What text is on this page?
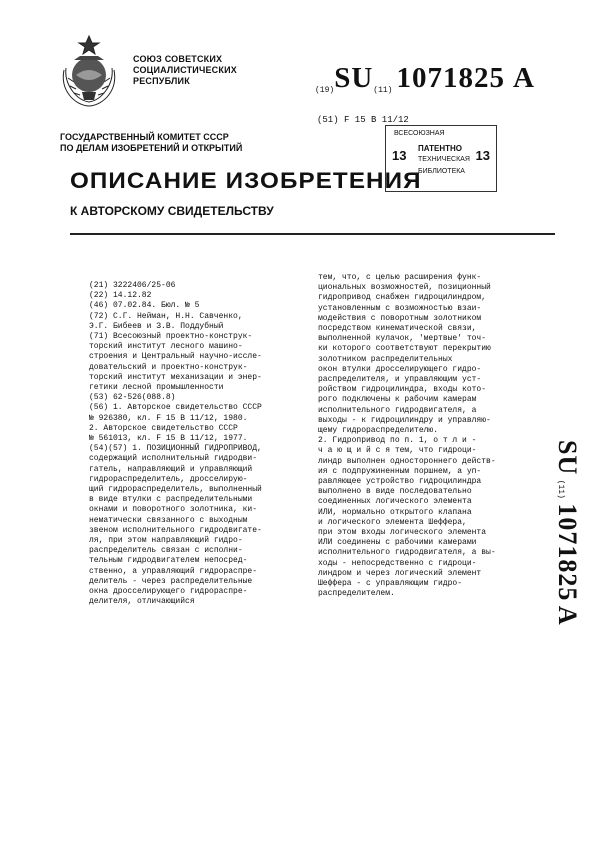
СОЮЗ СОВЕТСКИХ
СОЦИАЛИСТИЧЕСКИХ
РЕСПУБЛИК
(19)SU(11) 1071825 A
(51) F 15 В 11/12
ВСЕСОЮЗНАЯ
13 ПАТЕНТНО
ТЕХНИЧЕСКАЯ
БИБЛИОТЕКА
13
ГОСУДАРСТВЕННЫЙ КОМИТЕТ СССР
ПО ДЕЛАМ ИЗОБРЕТЕНИЙ И ОТКРЫТИЙ
ОПИСАНИЕ ИЗОБРЕТЕНИЯ
К АВТОРСКОМУ СВИДЕТЕЛЬСТВУ
(21) 3222406/25-06
(22) 14.12.82
(46) 07.02.84. Бюл. № 5
(72) С.Г. Нейман, Н.Н. Савченко,
Э.Г. Бибеев и З.В. Поддубный
(71) Всесоюзный проектно-конструк-
торский институт лесного машино-
строения и Центральный научно-иссле-
довательский и проектно-конструк-
торский институт механизации и энер-
гетики лесной промышленности
(53) 62-526(088.8)
(56) 1. Авторское свидетельство СССР
№ 926380, кл. F 15 В 11/12, 1980.
2. Авторское свидетельство СССР
№ 561013, кл. F 15 В 11/12, 1977.
(54)(57) 1. ПОЗИЦИОННЫЙ ГИДРОПРИВОД,
содержащий исполнительный гидродви-
гатель, направляющий и управляющий
гидрораспределитель, дросселирую-
щий гидрораспределитель, выполненный
в виде втулки с распределительными
окнами и поворотного золотника, ки-
нематически связанного с выходным
звеном исполнительного гидродвигате-
ля, при этом направляющий гидро-
распределитель связан с исполни-
тельным гидродвигателем непосред-
ственно, а управляющий гидрораспре-
делитель - через распределительные
окна дросселирующего гидрораспре-
делителя, отличающийся
тем, что, с целью расширения функ-
циональных возможностей, позиционный
гидропривод снабжен гидроцилиндром,
установленным с возможностью взаи-
модействия с поворотным золотником
посредством кинематической связи,
выполненной кулачок, 'мертвые' точ-
ки которого соответствуют перекрытию
золотником распределительных
окон втулки дросселирующего гидро-
распределителя, и управляющим уст-
ройством гидроцилиндра, входы кото-
рого подключены к рабочим камерам
исполнительного гидродвигателя, а
выходы - к гидроцилиндру и управляю-
щему гидрораспределителю.
2. Гидропривод по п. 1, о т л и -
ч а ю щ и й с я тем, что гидроци-
линдр выполнен одностороннего действ-
ия с подпружиненным поршнем, а уп-
равляющее устройство гидроцилиндра
выполнено в виде последовательно
соединенных логического элемента
ИЛИ, нормально открытого клапана
и логического элемента Шеффера,
при этом входы логического элемента
ИЛИ соединены с рабочими камерами
исполнительного гидродвигателя, а вы-
ходы - непосредственно с гидроци-
линдром и через логический элемент
Шеффера - с управляющим гидро-
распределителем.
SU (11) 1071825 A
